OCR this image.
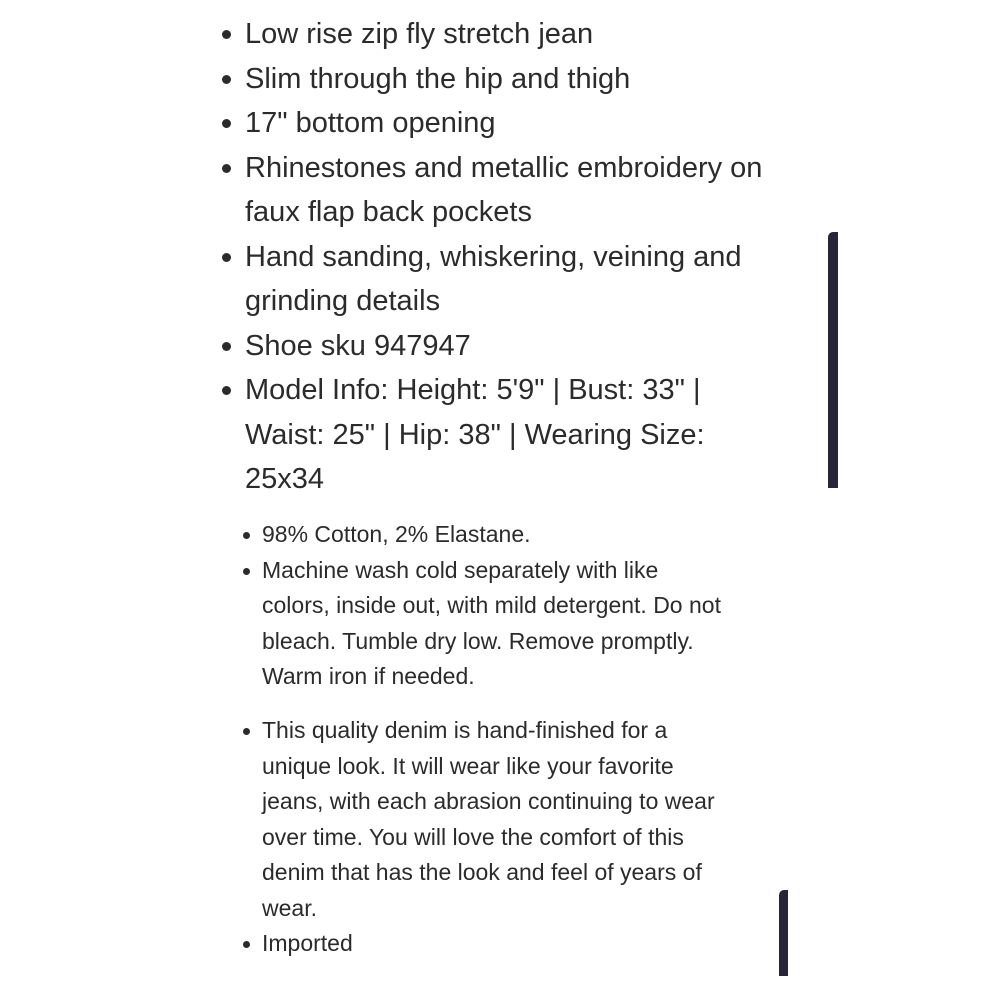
Low rise zip fly stretch jean
Slim through the hip and thigh
17" bottom opening
Rhinestones and metallic embroidery on faux flap back pockets
Hand sanding, whiskering, veining and grinding details
Shoe sku 947947
Model Info: Height: 5'9" | Bust: 33" | Waist: 25" | Hip: 38" | Wearing Size: 25x34
98% Cotton, 2% Elastane.
Machine wash cold separately with like colors, inside out, with mild detergent. Do not bleach. Tumble dry low. Remove promptly. Warm iron if needed.
This quality denim is hand-finished for a unique look. It will wear like your favorite jeans, with each abrasion continuing to wear over time. You will love the comfort of this denim that has the look and feel of years of wear.
Imported
